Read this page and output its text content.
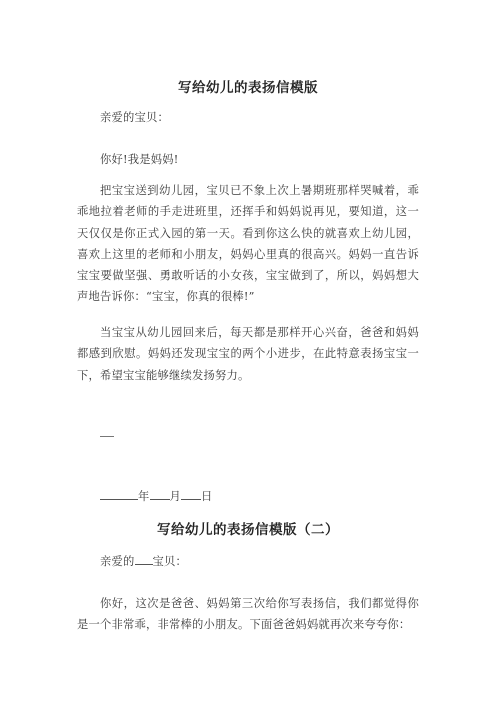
写给幼儿的表扬信模版

亲爱的宝贝：

你好!我是妈妈!

把宝宝送到幼儿园，宝贝已不象上次上暑期班那样哭喊着，乖乖地拉着老师的手走进班里，还挥手和妈妈说再见，要知道，这一天仅仅是你正式入园的第一天。看到你这么快的就喜欢上幼儿园，喜欢上这里的老师和小朋友，妈妈心里真的很高兴。妈妈一直告诉宝宝要做坚强、勇敢听话的小女孩，宝宝做到了，所以，妈妈想大声地告诉你：“宝宝，你真的很棒!”

当宝宝从幼儿园回来后，每天都是那样开心兴奋，爸爸和妈妈都感到欣慰。妈妈还发现宝宝的两个小进步，在此特意表扬宝宝一下，希望宝宝能够继续发扬努力。

年 月 日

写给幼儿的表扬信模版（二）

亲爱的 宝贝：

你好，这次是爸爸、妈妈第三次给你写表扬信，我们都觉得你是一个非常乖，非常棒的小朋友。下面爸爸妈妈就再次来夸夸你：
